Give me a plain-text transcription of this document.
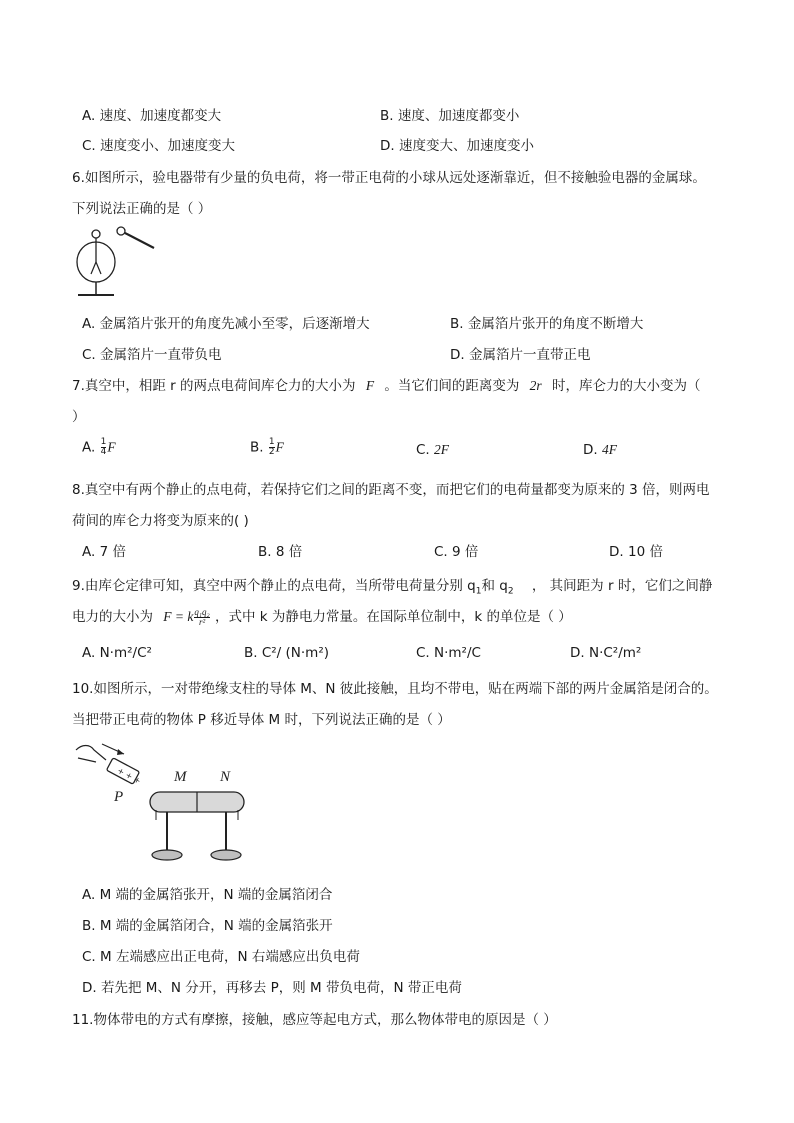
A. 速度、加速度都变大	B. 速度、加速度都变小
C. 速度变小、加速度变大	D. 速度变大、加速度变小
6.如图所示，验电器带有少量的负电荷，将一带正电荷的小球从远处逐渐靠近，但不接触验电器的金属球。
下列说法正确的是（ ）
A. 金属箔片张开的角度先减小至零，后逐渐增大	B. 金属箔片张开的角度不断增大
C. 金属箔片一直带负电	D. 金属箔片一直带正电
7.真空中，相距 r 的两点电荷间库仑力的大小为 F 。当它们间的距离变为 2r 时，库仑力的大小变为（
）
A. $\frac{1}{4}$ F	B. $\frac{1}{2}$ F	C. 2F	D. 4F
8.真空中有两个静止的点电荷，若保持它们之间的距离不变，而把它们的电荷量都变为原来的 3 倍，则两电
荷间的库仑力将变为原来的( )
A. 7 倍	B. 8 倍	C. 9 倍	D. 10 倍
9.由库仑定律可知，真空中两个静止的点电荷，当所带电荷量分别 $q_1$和 $q_2$ ， 其间距为 r 时，它们之间静
电力的大小为 F = k $\frac{\text{q₁q₂}}{\text{r²}}$ ，式中 k 为静电力常量。在国际单位制中，k 的单位是（ ）
A. N·m²/C²	B. C²/ (N·m²)	C. N·m²/C	D. N·C²/m²
10.如图所示，一对带绝缘支柱的导体 M、N 彼此接触，且均不带电，贴在两端下部的两片金属箔是闭合的。
当把带正电荷的物体 P 移近导体 M 时，下列说法正确的是（ ）
+ + +
P
M N
A. M 端的金属箔张开，N 端的金属箔闭合
B. M 端的金属箔闭合，N 端的金属箔张开
C. M 左端感应出正电荷，N 右端感应出负电荷
D. 若先把 M、N 分开，再移去 P，则 M 带负电荷，N 带正电荷
11.物体带电的方式有摩擦，接触，感应等起电方式，那么物体带电的原因是（ ）
